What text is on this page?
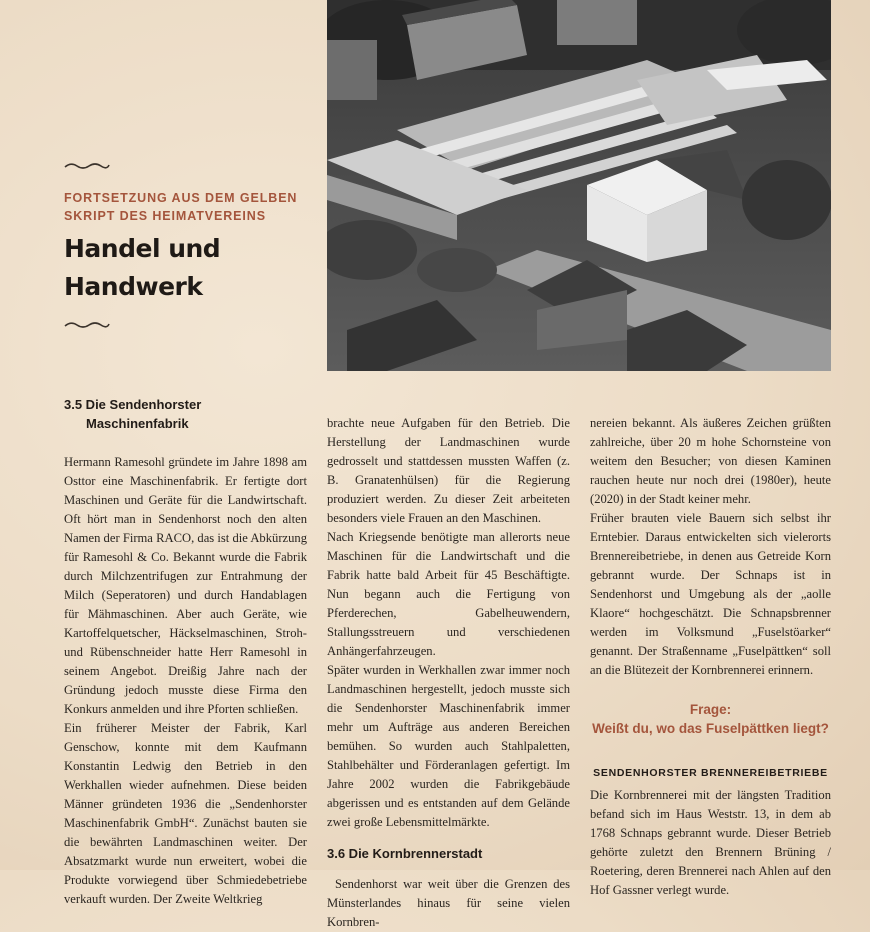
FORTSETZUNG AUS DEM GELBEN
SKRIPT DES HEIMATVEREINS
Handel und
Handwerk
3.5 Die Sendenhorster
Maschinenfabrik

Hermann Ramesohl gründete im Jahre 1898 am Osttor eine Maschinenfabrik. Er fertigte dort Maschinen und Geräte für die Landwirtschaft. Oft hört man in Sendenhorst noch den alten Namen der Firma RACO, das ist die Abkürzung für Ramesohl & Co. Bekannt wurde die Fabrik durch Milchzentrifugen zur Entrahmung der Milch (Seperatoren) und durch Handablagen für Mähmaschinen. Aber auch Geräte, wie Kartoffelquetscher, Häckselmaschinen, Stroh- und Rübenschneider hatte Herr Ramesohl in seinem Angebot. Dreißig Jahre nach der Gründung jedoch musste diese Firma den Konkurs anmelden und ihre Pforten schließen.

Ein früherer Meister der Fabrik, Karl Genschow, konnte mit dem Kaufmann Konstantin Ledwig den Betrieb in den Werkhallen wieder aufnehmen. Diese beiden Männer gründeten 1936 die „Sendenhorster Maschinenfabrik GmbH“. Zunächst bauten sie die bewährten Landmaschinen weiter. Der Absatzmarkt wurde nun erweitert, wobei die Produkte vorwiegend über Schmiedebetriebe verkauft wurden. Der Zweite Weltkrieg

brachte neue Aufgaben für den Betrieb. Die Herstellung der Landmaschinen wurde gedrosselt und stattdessen mussten Waffen (z. B. Granatenhülsen) für die Regierung produziert werden. Zu dieser Zeit arbeiteten besonders viele Frauen an den Maschinen.

Nach Kriegsende benötigte man allerorts neue Maschinen für die Landwirtschaft und die Fabrik hatte bald Arbeit für 45 Beschäftigte. Nun begann auch die Fertigung von Pferderechen, Gabelheuwendern, Stallungsstreuern und verschiedenen Anhängerfahrzeugen.

Später wurden in Werkhallen zwar immer noch Landmaschinen hergestellt, jedoch musste sich die Sendenhorster Maschinenfabrik immer mehr um Aufträge aus anderen Bereichen bemühen. So wurden auch Stahlpaletten, Stahlbehälter und Förderanlagen gefertigt. Im Jahre 2002 wurden die Fabrikgebäude abgerissen und es entstanden auf dem Gelände zwei große Lebensmittelmärkte.

3.6 Die Kornbrennerstadt

Sendenhorst war weit über die Grenzen des Münsterlandes hinaus für seine vielen Kornbren-

nereien bekannt. Als äußeres Zeichen grüßten zahlreiche, über 20 m hohe Schornsteine von weitem den Besucher; von diesen Kaminen rauchen heute nur noch drei (1980er), heute (2020) in der Stadt keiner mehr.

Früher brauten viele Bauern sich selbst ihr Erntebier. Daraus entwickelten sich vielerorts Brennereibetriebe, in denen aus Getreide Korn gebrannt wurde. Der Schnaps ist in Sendenhorst und Umgebung als der „aolle Klaore“ hochgeschätzt. Die Schnapsbrenner werden im Volksmund „Fuselstöarker“ genannt. Der Straßenname „Fuselpättken“ soll an die Blütezeit der Kornbrennerei erinnern.

Frage:
Weißt du, wo das Fuselpättken liegt?

SENDENHORSTER BRENNEREIBETRIEBE

Die Kornbrennerei mit der längsten Tradition befand sich im Haus Weststr. 13, in dem ab 1768 Schnaps gebrannt wurde. Dieser Betrieb gehörte zuletzt den Brennern Brüning / Roetering, deren Brennerei nach Ahlen auf den Hof Gassner verlegt wurde.
